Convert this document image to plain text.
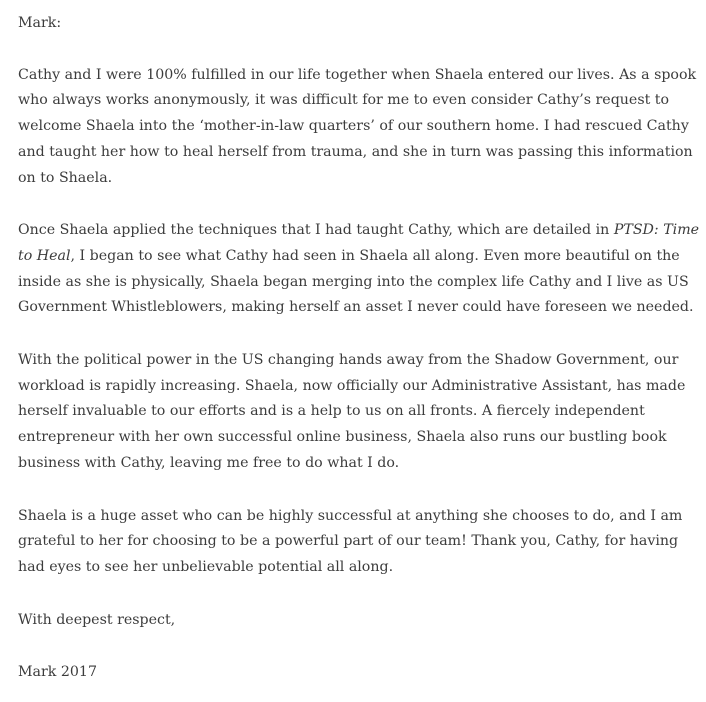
Mark:

Cathy and I were 100% fulfilled in our life together when Shaela entered our lives. As a spook
who always works anonymously, it was difficult for me to even consider Cathy’s request to
welcome Shaela into the ‘mother-in-law quarters’ of our southern home. I had rescued Cathy
and taught her how to heal herself from trauma, and she in turn was passing this information
on to Shaela.

Once Shaela applied the techniques that I had taught Cathy, which are detailed in PTSD: Time
to Heal, I began to see what Cathy had seen in Shaela all along. Even more beautiful on the
inside as she is physically, Shaela began merging into the complex life Cathy and I live as US
Government Whistleblowers, making herself an asset I never could have foreseen we needed.

With the political power in the US changing hands away from the Shadow Government, our
workload is rapidly increasing. Shaela, now officially our Administrative Assistant, has made
herself invaluable to our efforts and is a help to us on all fronts. A fiercely independent
entrepreneur with her own successful online business, Shaela also runs our bustling book
business with Cathy, leaving me free to do what I do.

Shaela is a huge asset who can be highly successful at anything she chooses to do, and I am
grateful to her for choosing to be a powerful part of our team! Thank you, Cathy, for having
had eyes to see her unbelievable potential all along.

With deepest respect,

Mark 2017
